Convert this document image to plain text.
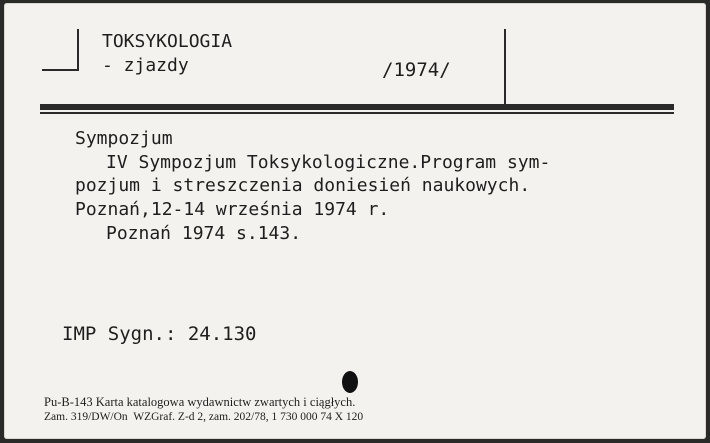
TOKSYKOLOGIA
- zjazdy	/1974/
Sympozjum
IV Sympozjum Toksykologiczne.Program sym-
pozjum i streszczenia doniesień naukowych.
Poznań,12-14 września 1974 r.
Poznań 1974 s.143.
IMP Sygn.: 24.130
Pu-B-143 Karta katalogowa wydawnictw zwartych i ciągłych.
Zam. 319/DW/On  WZGraf. Z-d 2, zam. 202/78, 1 730 000 74 X 120
